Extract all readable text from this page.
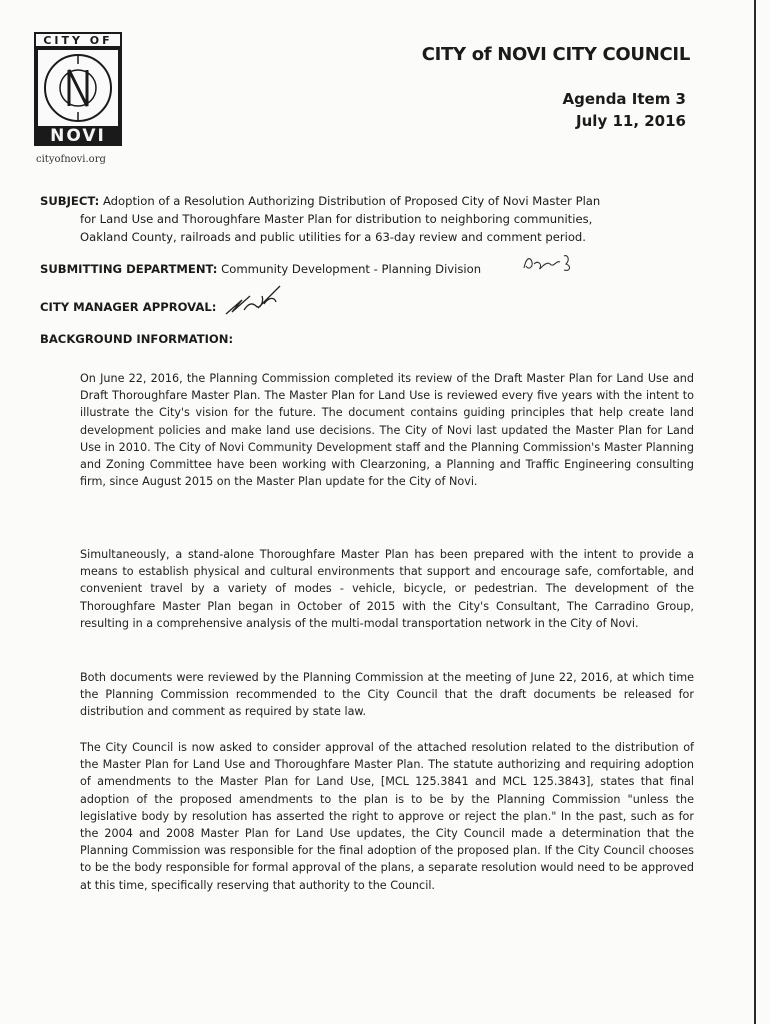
CITY OF
NOVI
cityofnovi.org
CITY of NOVI CITY COUNCIL
Agenda Item 3
July 11, 2016
SUBJECT: Adoption of a Resolution Authorizing Distribution of Proposed City of Novi Master Plan
for Land Use and Thoroughfare Master Plan for distribution to neighboring communities,
Oakland County, railroads and public utilities for a 63-day review and comment period.
SUBMITTING DEPARTMENT: Community Development - Planning Division
CITY MANAGER APPROVAL:
BACKGROUND INFORMATION:
On June 22, 2016, the Planning Commission completed its review of the Draft Master Plan for Land Use and Draft Thoroughfare Master Plan. The Master Plan for Land Use is reviewed every five years with the intent to illustrate the City's vision for the future. The document contains guiding principles that help create land development policies and make land use decisions. The City of Novi last updated the Master Plan for Land Use in 2010. The City of Novi Community Development staff and the Planning Commission's Master Planning and Zoning Committee have been working with Clearzoning, a Planning and Traffic Engineering consulting firm, since August 2015 on the Master Plan update for the City of Novi.
Simultaneously, a stand-alone Thoroughfare Master Plan has been prepared with the intent to provide a means to establish physical and cultural environments that support and encourage safe, comfortable, and convenient travel by a variety of modes - vehicle, bicycle, or pedestrian. The development of the Thoroughfare Master Plan began in October of 2015 with the City's Consultant, The Carradino Group, resulting in a comprehensive analysis of the multi-modal transportation network in the City of Novi.
Both documents were reviewed by the Planning Commission at the meeting of June 22, 2016, at which time the Planning Commission recommended to the City Council that the draft documents be released for distribution and comment as required by state law.
The City Council is now asked to consider approval of the attached resolution related to the distribution of the Master Plan for Land Use and Thoroughfare Master Plan. The statute authorizing and requiring adoption of amendments to the Master Plan for Land Use, [MCL 125.3841 and MCL 125.3843], states that final adoption of the proposed amendments to the plan is to be by the Planning Commission "unless the legislative body by resolution has asserted the right to approve or reject the plan." In the past, such as for the 2004 and 2008 Master Plan for Land Use updates, the City Council made a determination that the Planning Commission was responsible for the final adoption of the proposed plan. If the City Council chooses to be the body responsible for formal approval of the plans, a separate resolution would need to be approved at this time, specifically reserving that authority to the Council.
